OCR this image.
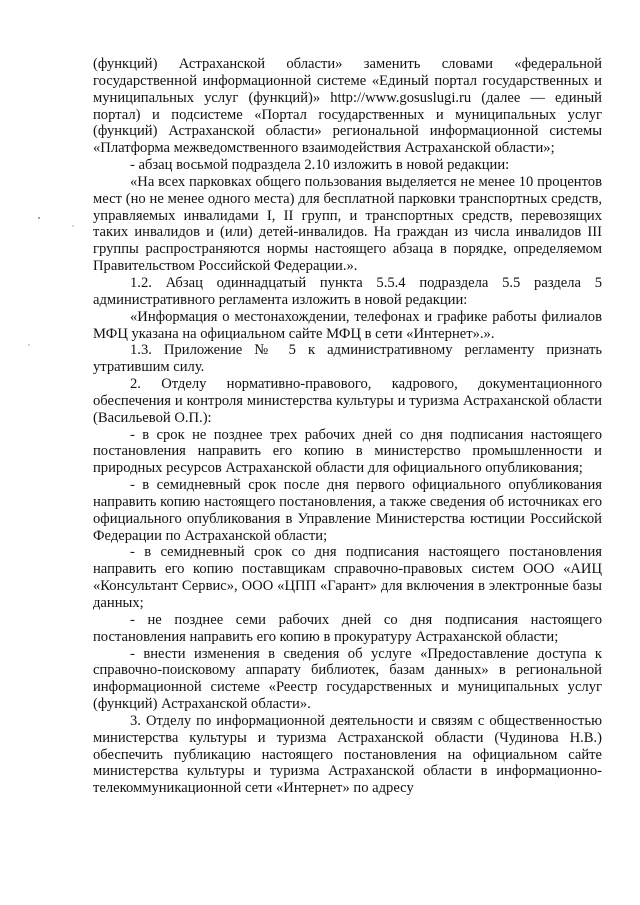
(функций) Астраханской области» заменить словами «федеральной государственной информационной системе «Единый портал государственных и муниципальных услуг (функций)» http://www.gosuslugi.ru (далее — единый портал) и подсистеме «Портал государственных и муниципальных услуг (функций) Астраханской области» региональной информационной системы «Платформа межведомственного взаимодействия Астраханской области»;

- абзац восьмой подраздела 2.10 изложить в новой редакции:

«На всех парковках общего пользования выделяется не менее 10 процентов мест (но не менее одного места) для бесплатной парковки транспортных средств, управляемых инвалидами I, II групп, и транспортных средств, перевозящих таких инвалидов и (или) детей-инвалидов. На граждан из числа инвалидов III группы распространяются нормы настоящего абзаца в порядке, определяемом Правительством Российской Федерации.».

1.2. Абзац одиннадцатый пункта 5.5.4 подраздела 5.5 раздела 5 административного регламента изложить в новой редакции:

«Информация о местонахождении, телефонах и графике работы филиалов МФЦ указана на официальном сайте МФЦ в сети «Интернет».».

1.3. Приложение № 5 к административному регламенту признать утратившим силу.

2. Отделу нормативно-правового, кадрового, документационного обеспечения и контроля министерства культуры и туризма Астраханской области (Васильевой О.П.):

- в срок не позднее трех рабочих дней со дня подписания настоящего постановления направить его копию в министерство промышленности и природных ресурсов Астраханской области для официального опубликования;

- в семидневный срок после дня первого официального опубликования направить копию настоящего постановления, а также сведения об источниках его официального опубликования в Управление Министерства юстиции Российской Федерации по Астраханской области;

- в семидневный срок со дня подписания настоящего постановления направить его копию поставщикам справочно-правовых систем ООО «АИЦ «Консультант Сервис», ООО «ЦПП «Гарант» для включения в электронные базы данных;

- не позднее семи рабочих дней со дня подписания настоящего постановления направить его копию в прокуратуру Астраханской области;

- внести изменения в сведения об услуге «Предоставление доступа к справочно-поисковому аппарату библиотек, базам данных» в региональной информационной системе «Реестр государственных и муниципальных услуг (функций) Астраханской области».

3. Отделу по информационной деятельности и связям с общественностью министерства культуры и туризма Астраханской области (Чудинова Н.В.) обеспечить публикацию настоящего постановления на официальном сайте министерства культуры и туризма Астраханской области в информационно-телекоммуникационной сети «Интернет» по адресу
